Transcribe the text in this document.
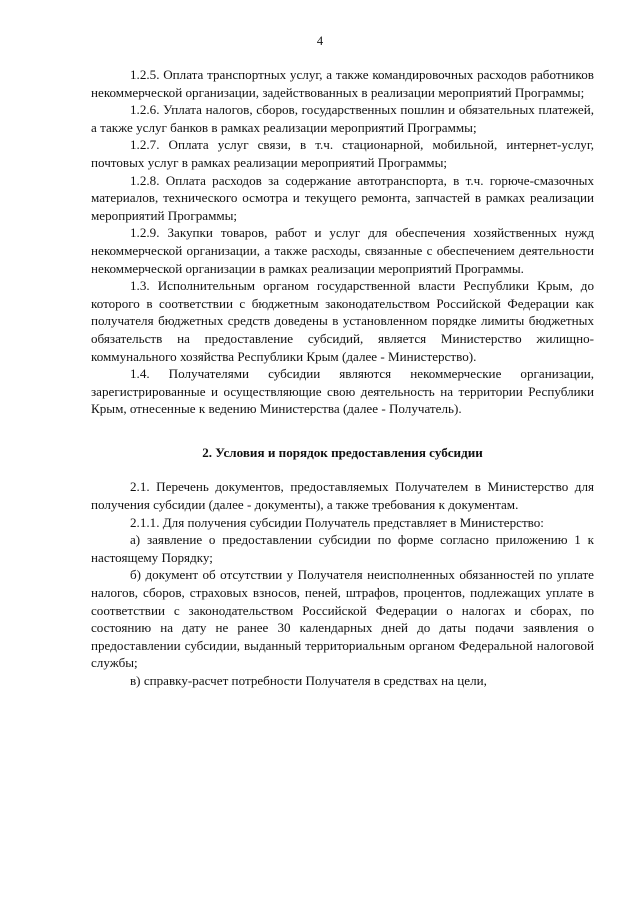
4

1.2.5. Оплата транспортных услуг, а также командировочных расходов работников некоммерческой организации, задействованных в реализации мероприятий Программы;

1.2.6. Уплата налогов, сборов, государственных пошлин и обязательных платежей, а также услуг банков в рамках реализации мероприятий Программы;

1.2.7. Оплата услуг связи, в т.ч. стационарной, мобильной, интернет-услуг, почтовых услуг в рамках реализации мероприятий Программы;

1.2.8. Оплата расходов за содержание автотранспорта, в т.ч. горюче-смазочных материалов, технического осмотра и текущего ремонта, запчастей в рамках реализации мероприятий Программы;

1.2.9. Закупки товаров, работ и услуг для обеспечения хозяйственных нужд некоммерческой организации, а также расходы, связанные с обеспечением деятельности некоммерческой организации в рамках реализации мероприятий Программы.

1.3. Исполнительным органом государственной власти Республики Крым, до которого в соответствии с бюджетным законодательством Российской Федерации как получателя бюджетных средств доведены в установленном порядке лимиты бюджетных обязательств на предоставление субсидий, является Министерство жилищно-коммунального хозяйства Республики Крым (далее - Министерство).

1.4. Получателями субсидии являются некоммерческие организации, зарегистрированные и осуществляющие свою деятельность на территории Республики Крым, отнесенные к ведению Министерства (далее - Получатель).

2. Условия и порядок предоставления субсидии

2.1. Перечень документов, предоставляемых Получателем в Министерство для получения субсидии (далее - документы), а также требования к документам.

2.1.1. Для получения субсидии Получатель представляет в Министерство:

а) заявление о предоставлении субсидии по форме согласно приложению 1 к настоящему Порядку;

б) документ об отсутствии у Получателя неисполненных обязанностей по уплате налогов, сборов, страховых взносов, пеней, штрафов, процентов, подлежащих уплате в соответствии с законодательством Российской Федерации о налогах и сборах, по состоянию на дату не ранее 30 календарных дней до даты подачи заявления о предоставлении субсидии, выданный территориальным органом Федеральной налоговой службы;

в) справку-расчет потребности Получателя в средствах на цели,
